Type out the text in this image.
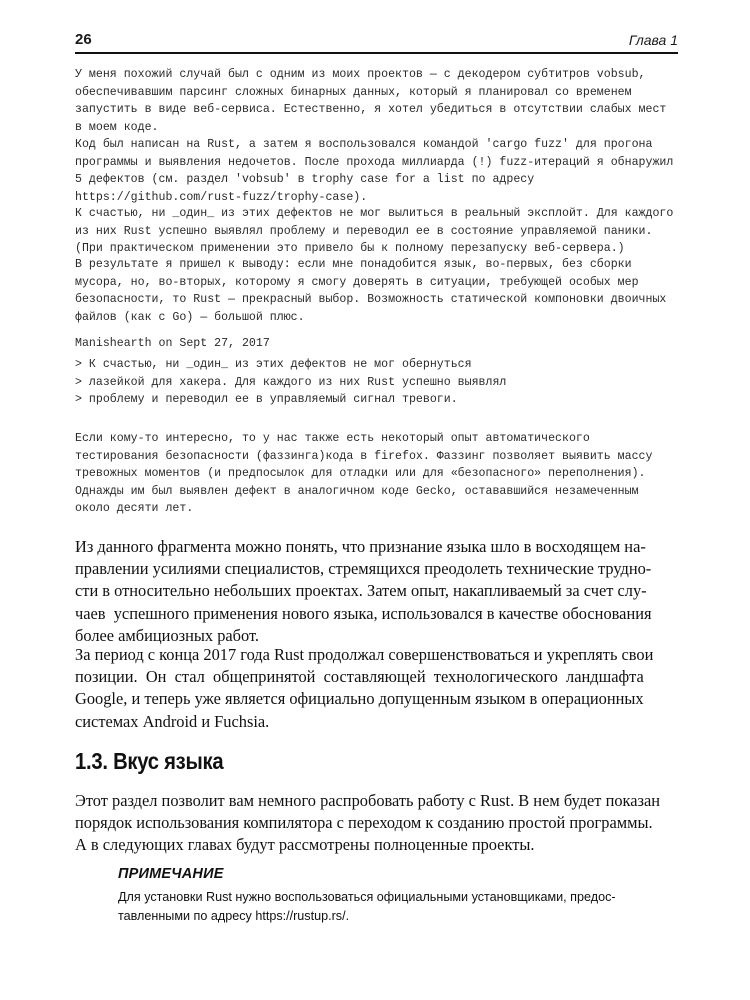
26	Глава 1
У меня похожий случай был с одним из моих проектов — с декодером субтитров vobsub,
обеспечивавшим парсинг сложных бинарных данных, который я планировал со временем
запустить в виде веб-сервиса. Естественно, я хотел убедиться в отсутствии слабых мест
в моем коде.
Код был написан на Rust, а затем я воспользовался командой 'cargo fuzz' для прогона
программы и выявления недочетов. После прохода миллиарда (!) fuzz-итераций я обнаружил
5 дефектов (см. раздел 'vobsub' в trophy case for a list по адресу
https://github.com/rust-fuzz/trophy-case).
К счастью, ни _один_ из этих дефектов не мог вылиться в реальный эксплойт. Для каждого
из них Rust успешно выявлял проблему и переводил ее в состояние управляемой паники.
(При практическом применении это привело бы к полному перезапуску веб-сервера.)
В результате я пришел к выводу: если мне понадобится язык, во-первых, без сборки
мусора, но, во-вторых, которому я смогу доверять в ситуации, требующей особых мер
безопасности, то Rust — прекрасный выбор. Возможность статической компоновки двоичных
файлов (как с Go) — большой плюс.
Manishearth on Sept 27, 2017
> К счастью, ни _один_ из этих дефектов не мог обернуться
> лазейкой для хакера. Для каждого из них Rust успешно выявлял
> проблему и переводил ее в управляемый сигнал тревоги.
Если кому-то интересно, то у нас также есть некоторый опыт автоматического
тестирования безопасности (фаззинга)кода в firefox. Фаззинг позволяет выявить массу
тревожных моментов (и предпосылок для отладки или для «безопасного» переполнения).
Однажды им был выявлен дефект в аналогичном коде Gecko, остававшийся незамеченным
около десяти лет.
Из данного фрагмента можно понять, что признание языка шло в восходящем на-
правлении усилиями специалистов, стремящихся преодолеть технические трудно-
сти в относительно небольших проектах. Затем опыт, накапливаемый за счет слу-
чаев  успешного применения нового языка, использовался в качестве обоснования
более амбициозных работ.
За период с конца 2017 года Rust продолжал совершенствоваться и укреплять свои
позиции.  Он  стал  общепринятой  составляющей  технологического  ландшафта
Google, и теперь уже является официально допущенным языком в операционных
системах Android и Fuchsia.
1.3. Вкус языка
Этот раздел позволит вам немного распробовать работу с Rust. В нем будет показан
порядок использования компилятора с переходом к созданию простой программы.
А в следующих главах будут рассмотрены полноценные проекты.
ПРИМЕЧАНИЕ
Для установки Rust нужно воспользоваться официальными установщиками, предос-
тавленными по адресу https://rustup.rs/.
